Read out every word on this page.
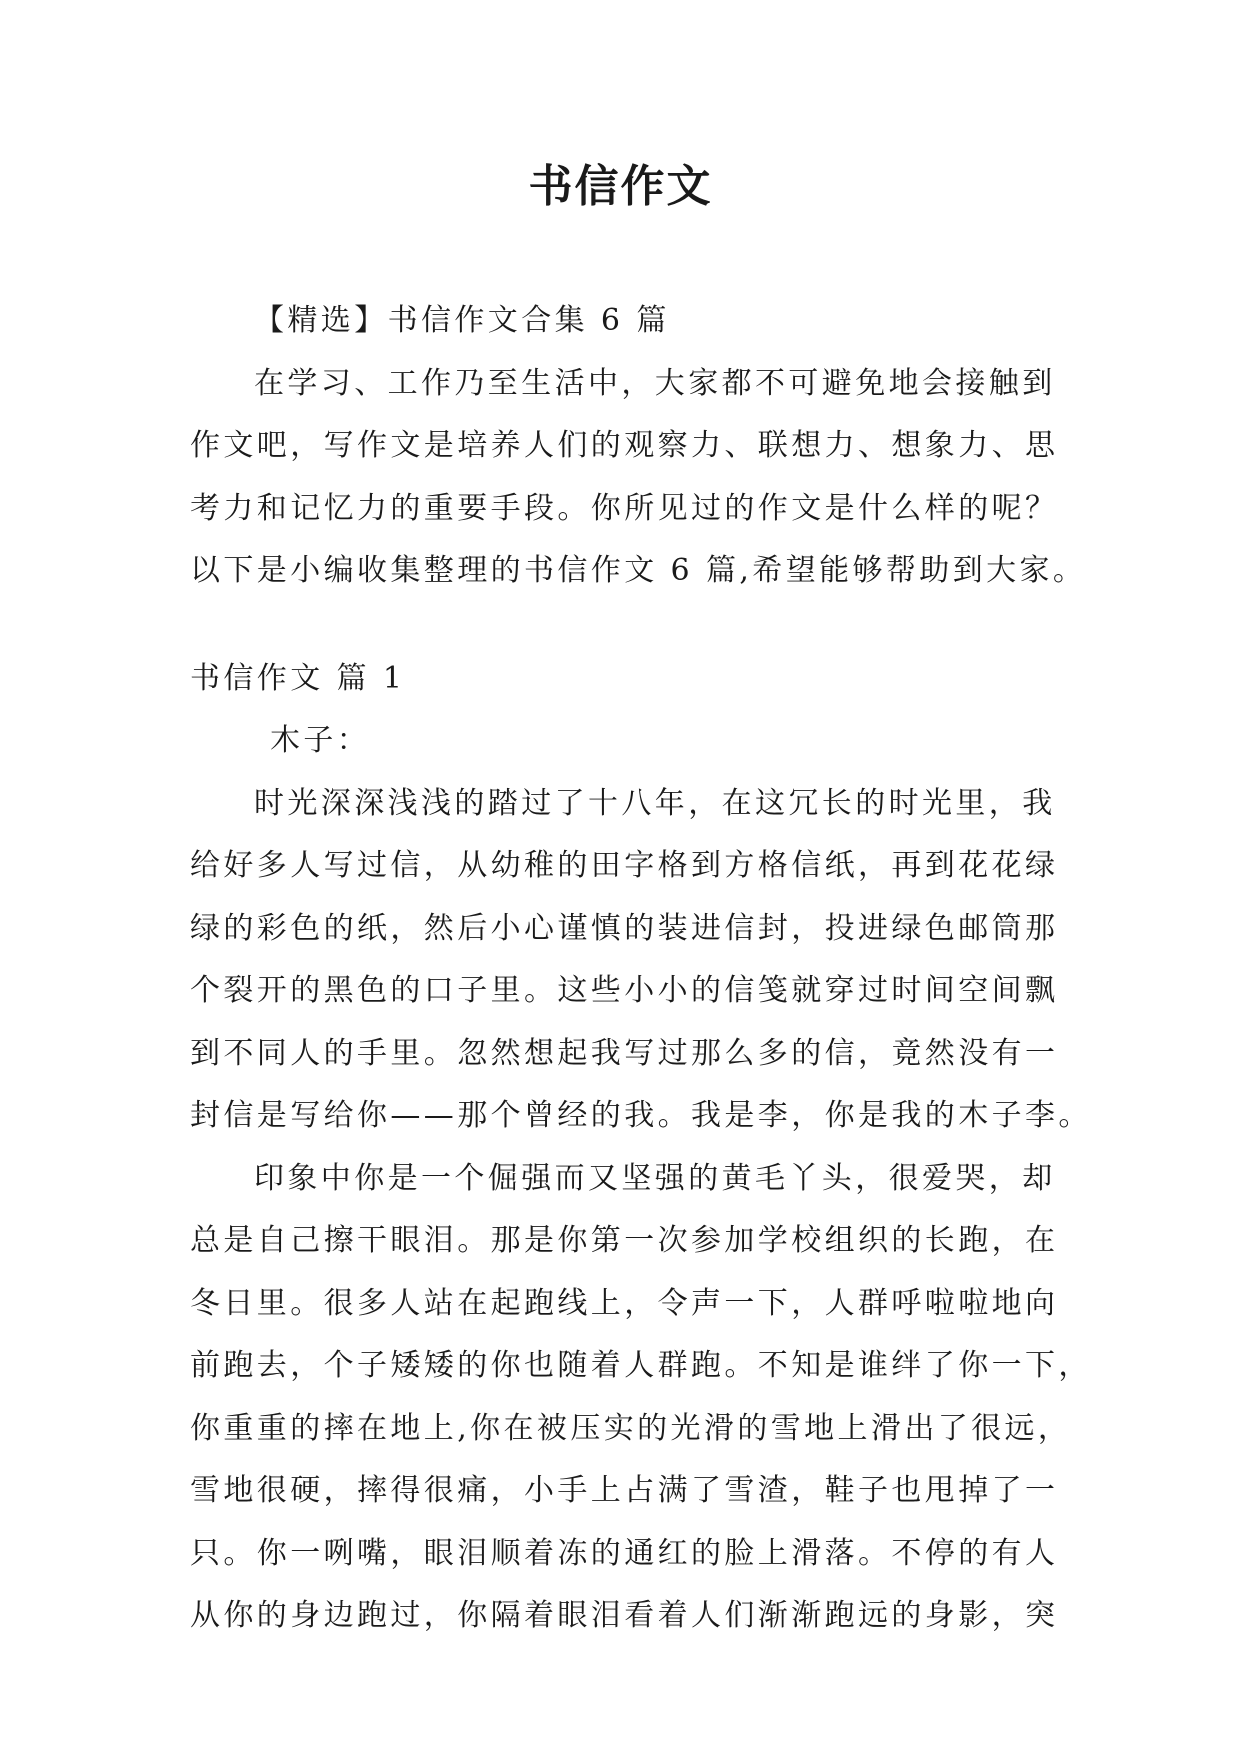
书信作文
【精选】书信作文合集 6 篇
在学习、工作乃至生活中，大家都不可避免地会接触到
作文吧，写作文是培养人们的观察力、联想力、想象力、思
考力和记忆力的重要手段。你所见过的作文是什么样的呢？
以下是小编收集整理的书信作文 6 篇,希望能够帮助到大家。
书信作文 篇 1
木子：
时光深深浅浅的踏过了十八年，在这冗长的时光里，我
给好多人写过信，从幼稚的田字格到方格信纸，再到花花绿
绿的彩色的纸，然后小心谨慎的装进信封，投进绿色邮筒那
个裂开的黑色的口子里。这些小小的信笺就穿过时间空间飘
到不同人的手里。忽然想起我写过那么多的信，竟然没有一
封信是写给你——那个曾经的我。我是李，你是我的木子李。
印象中你是一个倔强而又坚强的黄毛丫头，很爱哭，却
总是自己擦干眼泪。那是你第一次参加学校组织的长跑，在
冬日里。很多人站在起跑线上，令声一下，人群呼啦啦地向
前跑去，个子矮矮的你也随着人群跑。不知是谁绊了你一下，
你重重的摔在地上,你在被压实的光滑的雪地上滑出了很远，
雪地很硬，摔得很痛，小手上占满了雪渣，鞋子也甩掉了一
只。你一咧嘴，眼泪顺着冻的通红的脸上滑落。不停的有人
从你的身边跑过，你隔着眼泪看着人们渐渐跑远的身影，突
